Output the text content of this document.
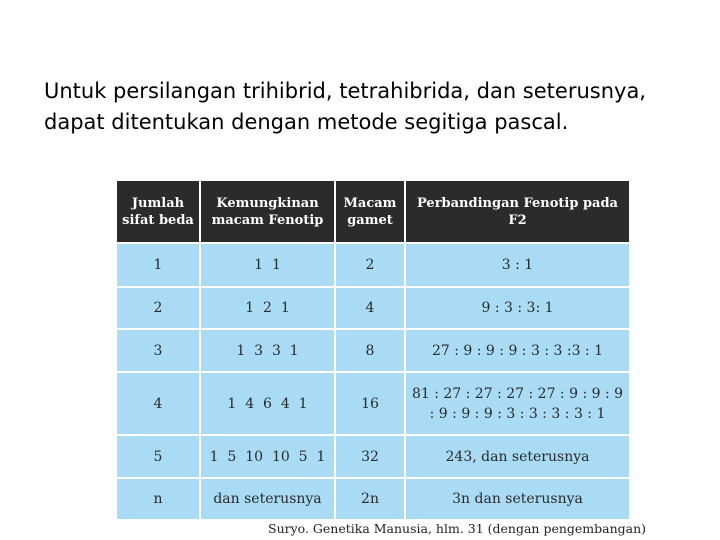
Untuk persilangan trihibrid, tetrahibrida, dan seterusnya, dapat ditentukan dengan metode segitiga pascal.
Jumlah sifat beda	Kemungkinan macam Fenotip	Macam gamet	Perbandingan Fenotip pada F2
1	1  1	2	3 : 1
2	1  2  1	4	9 : 3 : 3: 1
3	1  3  3  1	8	27 : 9 : 9 : 9 : 3 : 3 :3 : 1
4	1  4  6  4  1	16	81 : 27 : 27 : 27 : 27 : 9 : 9 : 9 : 9 : 9 : 9 : 3 : 3 : 3 : 3 : 1
5	1  5  10  10  5  1	32	243, dan seterusnya
n	dan seterusnya	2n	3n dan seterusnya
Suryo. Genetika Manusia, hlm. 31 (dengan pengembangan)
